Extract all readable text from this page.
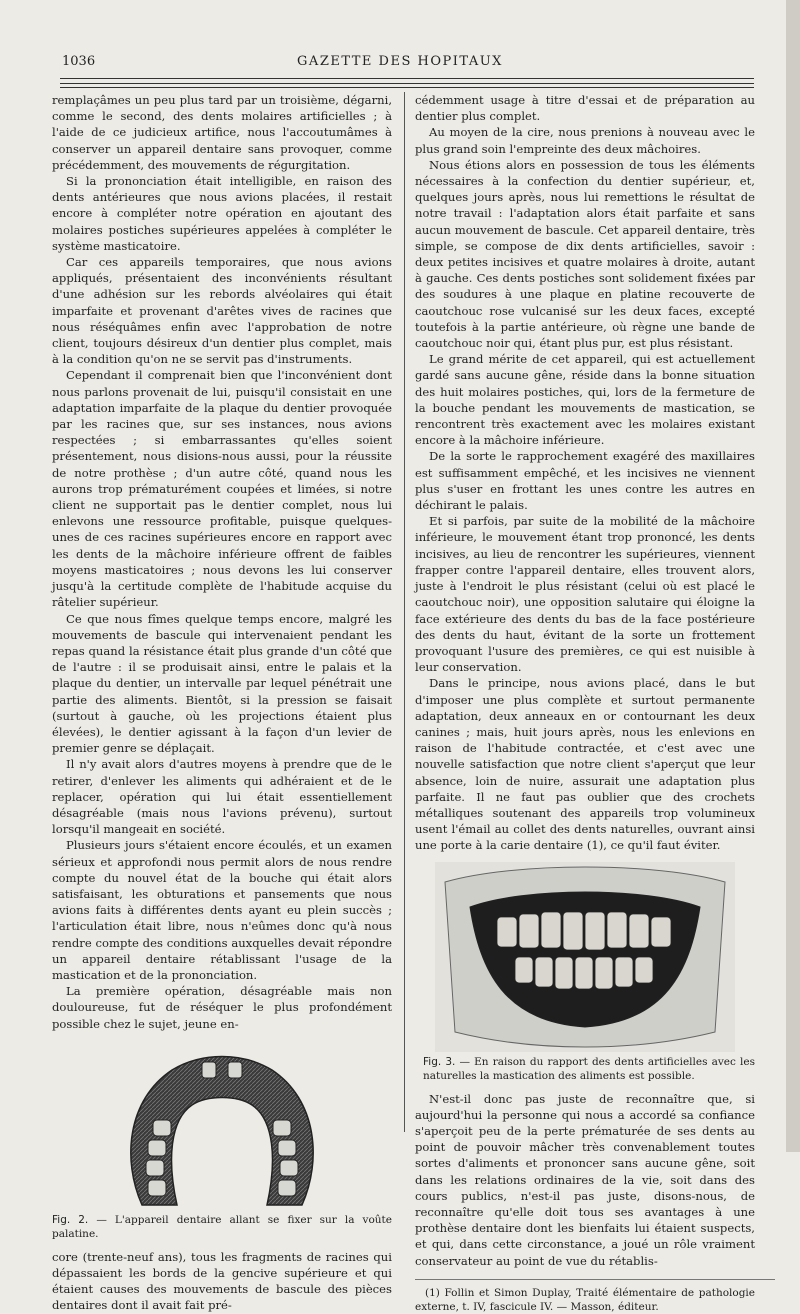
1036	GAZETTE DES HOPITAUX

remplaçâmes un peu plus tard par un troisième, dégarni, comme le second, des dents molaires artificielles ; à l'aide de ce judicieux artifice, nous l'accoutumâmes à conserver un appareil dentaire sans provoquer, comme précédemment, des mouvements de régurgitation.

Si la prononciation était intelligible, en raison des dents antérieures que nous avions placées, il restait encore à compléter notre opération en ajoutant des molaires postiches supérieures appelées à compléter le système masticatoire.

Car ces appareils temporaires, que nous avions appliqués, présentaient des inconvénients résultant d'une adhésion sur les rebords alvéolaires qui était imparfaite et provenant d'arêtes vives de racines que nous réséquâmes enfin avec l'approbation de notre client, toujours désireux d'un dentier plus complet, mais à la condition qu'on ne se servit pas d'instruments.

Cependant il comprenait bien que l'inconvénient dont nous parlons provenait de lui, puisqu'il consistait en une adaptation imparfaite de la plaque du dentier provoquée par les racines que, sur ses instances, nous avions respectées ; si embarrassantes qu'elles soient présentement, nous disions-nous aussi, pour la réussite de notre prothèse ; d'un autre côté, quand nous les aurons trop prématurément coupées et limées, si notre client ne supportait pas le dentier complet, nous lui enlevons une ressource profitable, puisque quelques-unes de ces racines supérieures encore en rapport avec les dents de la mâchoire inférieure offrent de faibles moyens masticatoires ; nous devons les lui conserver jusqu'à la certitude complète de l'habitude acquise du râtelier supérieur.

Ce que nous fîmes quelque temps encore, malgré les mouvements de bascule qui intervenaient pendant les repas quand la résistance était plus grande d'un côté que de l'autre : il se produisait ainsi, entre le palais et la plaque du dentier, un intervalle par lequel pénétrait une partie des aliments. Bientôt, si la pression se faisait (surtout à gauche, où les projections étaient plus élevées), le dentier agissant à la façon d'un levier de premier genre se déplaçait.

Il n'y avait alors d'autres moyens à prendre que de le retirer, d'enlever les aliments qui adhéraient et de le replacer, opération qui lui était essentiellement désagréable (mais nous l'avions prévenu), surtout lorsqu'il mangeait en société.

Plusieurs jours s'étaient encore écoulés, et un examen sérieux et approfondi nous permit alors de nous rendre compte du nouvel état de la bouche qui était alors satisfaisant, les obturations et pansements que nous avions faits à différentes dents ayant eu plein succès ; l'articulation était libre, nous n'eûmes donc qu'à nous rendre compte des conditions auxquelles devait répondre un appareil dentaire rétablissant l'usage de la mastication et de la prononciation.

La première opération, désagréable mais non douloureuse, fut de réséquer le plus profondément possible chez le sujet, jeune en-

Fig. 2. — L'appareil dentaire allant se fixer sur la voûte palatine.

core (trente-neuf ans), tous les fragments de racines qui dépassaient les bords de la gencive supérieure et qui étaient causes des mouvements de bascule des pièces dentaires dont il avait fait pré-

cédemment usage à titre d'essai et de préparation au dentier plus complet.

Au moyen de la cire, nous prenions à nouveau avec le plus grand soin l'empreinte des deux mâchoires.

Nous étions alors en possession de tous les éléments nécessaires à la confection du dentier supérieur, et, quelques jours après, nous lui remettions le résultat de notre travail : l'adaptation alors était parfaite et sans aucun mouvement de bascule. Cet appareil dentaire, très simple, se compose de dix dents artificielles, savoir : deux petites incisives et quatre molaires à droite, autant à gauche. Ces dents postiches sont solidement fixées par des soudures à une plaque en platine recouverte de caoutchouc rose vulcanisé sur les deux faces, excepté toutefois à la partie antérieure, où règne une bande de caoutchouc noir qui, étant plus pur, est plus résistant.

Le grand mérite de cet appareil, qui est actuellement gardé sans aucune gêne, réside dans la bonne situation des huit molaires postiches, qui, lors de la fermeture de la bouche pendant les mouvements de mastication, se rencontrent très exactement avec les molaires existant encore à la mâchoire inférieure.

De la sorte le rapprochement exagéré des maxillaires est suffisamment empêché, et les incisives ne viennent plus s'user en frottant les unes contre les autres en déchirant le palais.

Et si parfois, par suite de la mobilité de la mâchoire inférieure, le mouvement étant trop prononcé, les dents incisives, au lieu de rencontrer les supérieures, viennent frapper contre l'appareil dentaire, elles trouvent alors, juste à l'endroit le plus résistant (celui où est placé le caoutchouc noir), une opposition salutaire qui éloigne la face extérieure des dents du bas de la face postérieure des dents du haut, évitant de la sorte un frottement provoquant l'usure des premières, ce qui est nuisible à leur conservation.

Dans le principe, nous avions placé, dans le but d'imposer une plus complète et surtout permanente adaptation, deux anneaux en or contournant les deux canines ; mais, huit jours après, nous les enlevions en raison de l'habitude contractée, et c'est avec une nouvelle satisfaction que notre client s'aperçut que leur absence, loin de nuire, assurait une adaptation plus parfaite. Il ne faut pas oublier que des crochets métalliques soutenant des appareils trop volumineux usent l'émail au collet des dents naturelles, ouvrant ainsi une porte à la carie dentaire (1), ce qu'il faut éviter.

Fig. 3. — En raison du rapport des dents artificielles avec les naturelles la mastication des aliments est possible.

N'est-il donc pas juste de reconnaître que, si aujourd'hui la personne qui nous a accordé sa confiance s'aperçoit peu de la perte prématurée de ses dents au point de pouvoir mâcher très convenablement toutes sortes d'aliments et prononcer sans aucune gêne, soit dans les relations ordinaires de la vie, soit dans des cours publics, n'est-il pas juste, disons-nous, de reconnaître qu'elle doit tous ses avantages à une prothèse dentaire dont les bienfaits lui étaient suspects, et qui, dans cette circonstance, a joué un rôle vraiment conservateur au point de vue du rétablis-

(1) Follin et Simon Duplay, Traité élémentaire de pathologie externe, t. IV, fascicule IV. — Masson, éditeur.
